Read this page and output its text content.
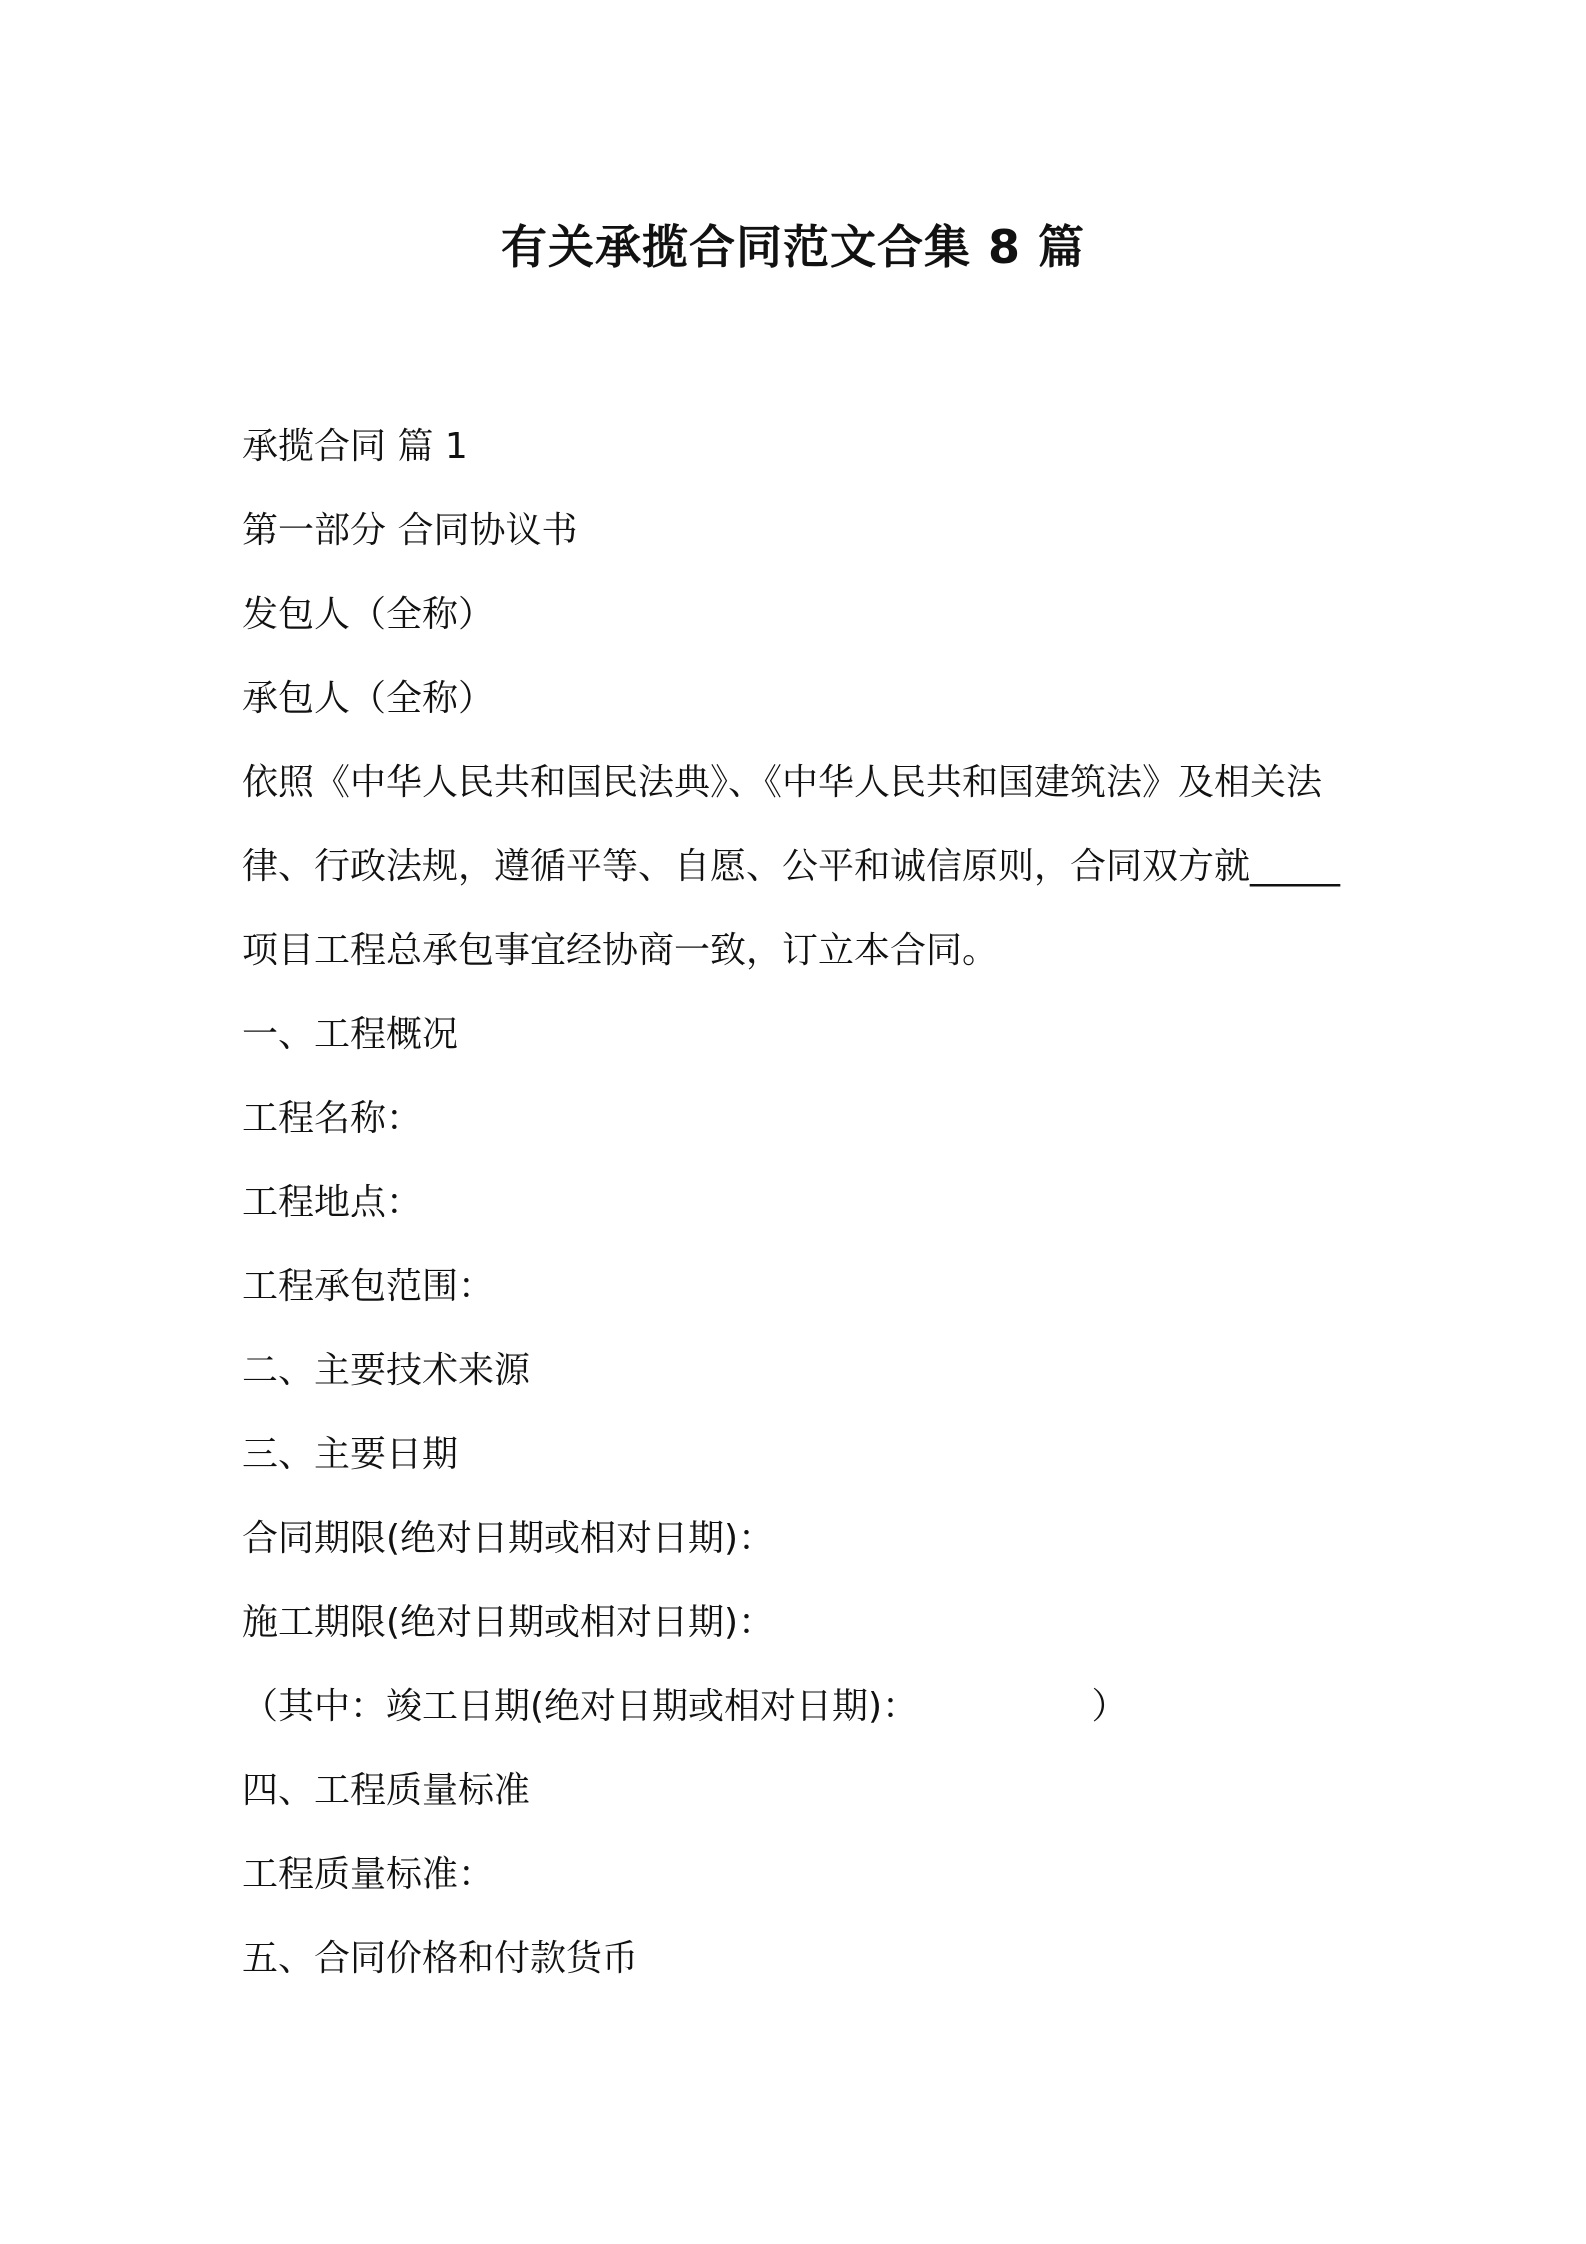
有关承揽合同范文合集 8 篇
承揽合同 篇 1
第一部分 合同协议书
发包人（全称）
承包人（全称）
依照《中华人民共和国民法典》、《中华人民共和国建筑法》及相关法
律、行政法规，遵循平等、自愿、公平和诚信原则，合同双方就_____
项目工程总承包事宜经协商一致，订立本合同。
一、工程概况
工程名称：
工程地点：
工程承包范围：
二、主要技术来源
三、主要日期
合同期限(绝对日期或相对日期)：
施工期限(绝对日期或相对日期)：
（其中：竣工日期(绝对日期或相对日期)：　　　　　 ）
四、工程质量标准
工程质量标准：
五、合同价格和付款货币
